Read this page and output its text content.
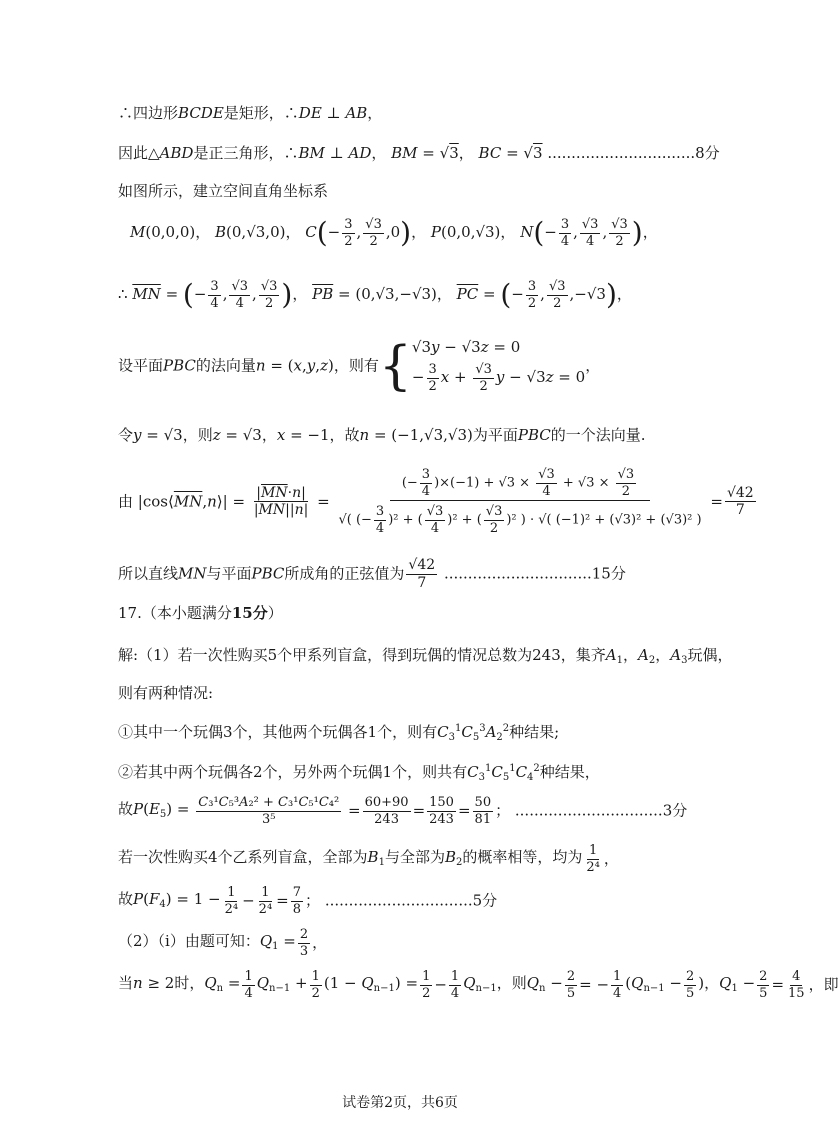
∴四边形BCDE是矩形，∴DE ⊥ AB，
因此△ABD是正三角形，∴BM ⊥ AD， BM = √3， BC = √3 ...............................8分
如图所示，建立空间直角坐标系
M(0,0,0)， B(0,√3,0)， $C(- \frac{3}{2}$ , $\frac{√3}{2} ,0$)， P(0,0,√3)， $N(- \frac{3}{4}$ , $\frac{√3}{4}$ , $\frac{√3}{2}$ )，
∴ $\overline{MN}$ = (− $\frac{3}{4}$ , $\frac{√3}{4}$ , $\frac{√3}{2}$ )， $\overline{PB} = (0,√3,-√3)$， $\overline{PC}$ = (− $\frac{3}{2}$ , $\frac{√3}{2} ,-√3$)，
设平面PBC的法向量n = (x,y,z)，则有{ √3y − √3z = 0
− $\frac{3}{2}$ $x + \frac{√3}{2}$ y − √3z = 0
，
令y = √3，则z = √3，x = −1，故n = (−1,√3,√3)为平面PBC的一个法向量.
由 $|\cos⟨\overline{MN},n⟩| = \frac{|\overline{MN}\cdot n|}{|\overline{MN}||n|} = \frac{(- \frac{3}{4} )\times(-1) + √3 \times \frac{√3}{4} + √3 \times \frac{√3}{2}}{√( (- \frac{3}{4} )^2 + ( \frac{√3}{4} )^2 + ( \frac{√3}{2} )^2 ) \cdot √( (-1)^2 + (√3)^2 + (√3)^2 )} = \frac{√42}{7}$
所以直线MN与平面PBC所成角的正弦值为 $\frac{√42}{7} ...............................15$分
17.（本小题满分15分）
解:（1）若一次性购买5个甲系列盲盒，得到玩偶的情况总数为243，集齐$A_1$，$A_2$，$A_3$玩偶，
则有两种情况:
①其中一个玩偶3个，其他两个玩偶各1个，则有$C_3^1C_5^3A_2^2$种结果;
②若其中两个玩偶各2个，另外两个玩偶1个，则共有$C_3^1C_5^1C_4^2$种结果，
故$P(E_5) = \frac{\text{C₃¹C₅³A₂² + C₃¹C₅¹C₄²}}{\text{3⁵}} = \frac{60+90}{243} = \frac{150}{243} = \frac{50}{81}$ ； ...............................3分
若一次性购买4个乙系列盲盒，全部为$B_1$与全部为$B_2$的概率相等，均为 $\frac{1}{\text{2⁴}}$ ，
故$P(F_4) = 1 - \frac{1}{\text{2⁴}} - \frac{1}{\text{2⁴}} = \frac{7}{8}$ ； ...............................5分
（2）（i）由题可知：$Q_1 = \frac{2}{3}$ ，
当n ≥ 2时，$Q_n = \frac{1}{4} Q_{n-1} + \frac{1}{2} (1 - Q_{n-1}) = \frac{1}{2} - \frac{1}{4} Q_{n-1}$，则$Q_n - \frac{2}{5}$ = − $\frac{1}{4} (Q_{n-1} - \frac{2}{5}$ )，$Q_1 - \frac{2}{5} = \frac{4}{15}$ ，即
试卷第2页，共6页
